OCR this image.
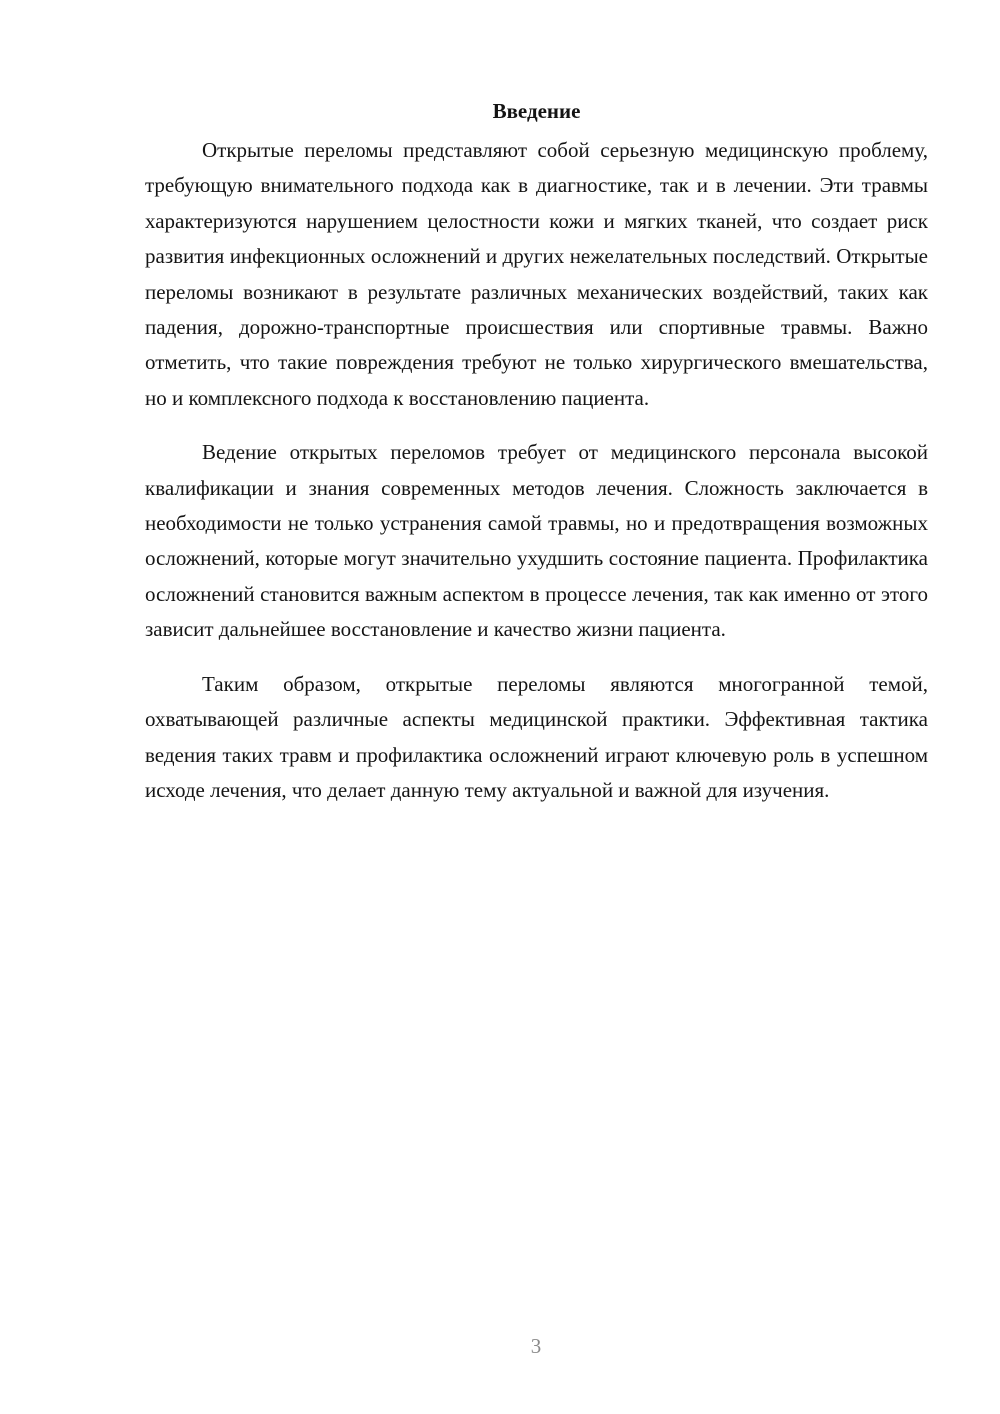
Введение

Открытые переломы представляют собой серьезную медицинскую проблему, требующую внимательного подхода как в диагностике, так и в лечении. Эти травмы характеризуются нарушением целостности кожи и мягких тканей, что создает риск развития инфекционных осложнений и других нежелательных последствий. Открытые переломы возникают в результате различных механических воздействий, таких как падения, дорожно-транспортные происшествия или спортивные травмы. Важно отметить, что такие повреждения требуют не только хирургического вмешательства, но и комплексного подхода к восстановлению пациента.

Ведение открытых переломов требует от медицинского персонала высокой квалификации и знания современных методов лечения. Сложность заключается в необходимости не только устранения самой травмы, но и предотвращения возможных осложнений, которые могут значительно ухудшить состояние пациента. Профилактика осложнений становится важным аспектом в процессе лечения, так как именно от этого зависит дальнейшее восстановление и качество жизни пациента.

Таким образом, открытые переломы являются многогранной темой, охватывающей различные аспекты медицинской практики. Эффективная тактика ведения таких травм и профилактика осложнений играют ключевую роль в успешном исходе лечения, что делает данную тему актуальной и важной для изучения.

3
